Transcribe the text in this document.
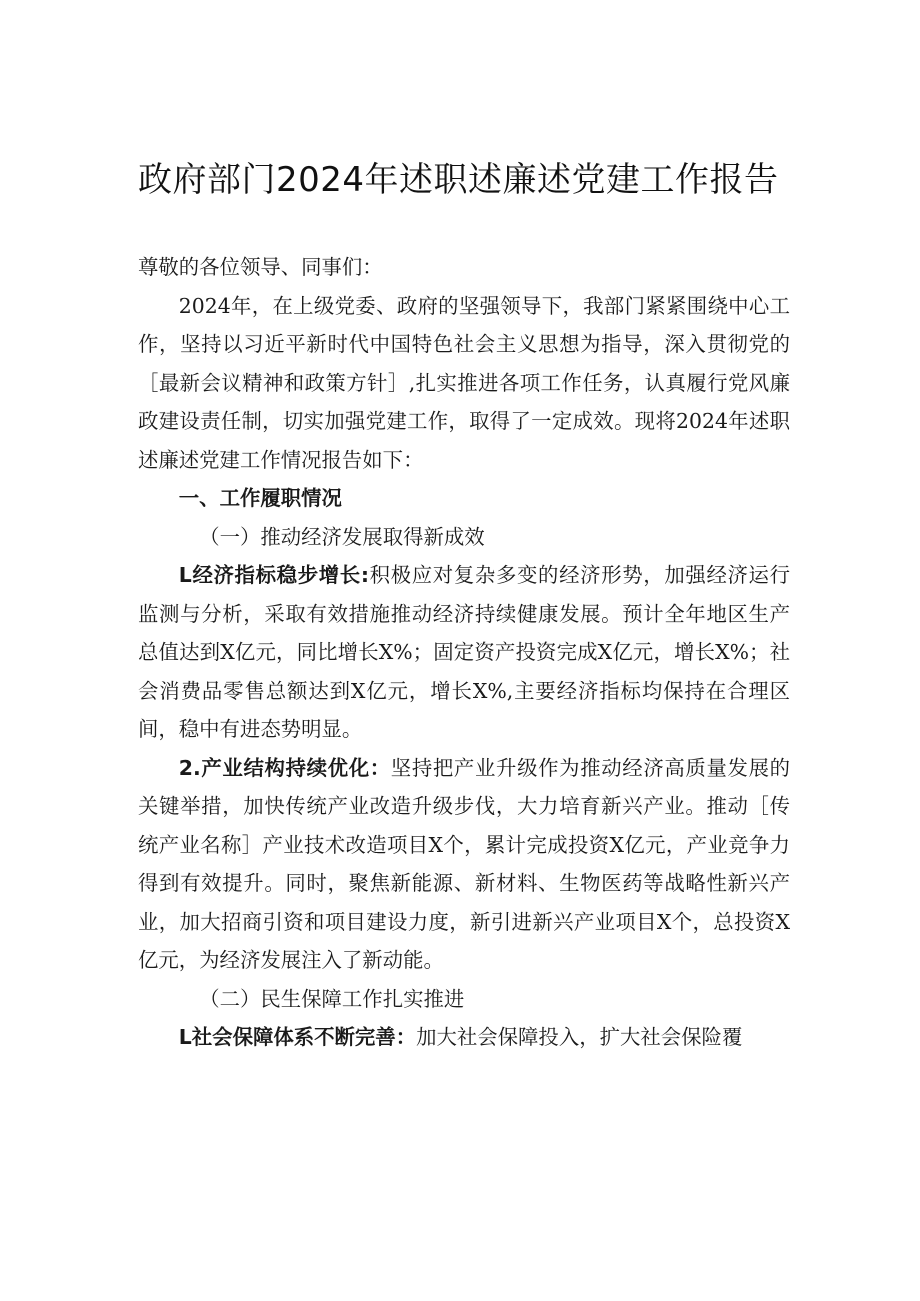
政府部门2024年述职述廉述党建工作报告

尊敬的各位领导、同事们：

2024年，在上级党委、政府的坚强领导下，我部门紧紧围绕中心工作，坚持以习近平新时代中国特色社会主义思想为指导，深入贯彻党的［最新会议精神和政策方针］,扎实推进各项工作任务，认真履行党风廉政建设责任制，切实加强党建工作，取得了一定成效。现将2024年述职述廉述党建工作情况报告如下：

一、工作履职情况

（一）推动经济发展取得新成效

L经济指标稳步增长:积极应对复杂多变的经济形势，加强经济运行监测与分析，采取有效措施推动经济持续健康发展。预计全年地区生产总值达到X亿元，同比增长X%；固定资产投资完成X亿元，增长X%；社会消费品零售总额达到X亿元，增长X%,主要经济指标均保持在合理区间，稳中有进态势明显。

2.产业结构持续优化：坚持把产业升级作为推动经济高质量发展的关键举措，加快传统产业改造升级步伐，大力培育新兴产业。推动［传统产业名称］产业技术改造项目X个，累计完成投资X亿元，产业竞争力得到有效提升。同时，聚焦新能源、新材料、生物医药等战略性新兴产业，加大招商引资和项目建设力度，新引进新兴产业项目X个，总投资X亿元，为经济发展注入了新动能。

（二）民生保障工作扎实推进

L社会保障体系不断完善：加大社会保障投入，扩大社会保险覆
